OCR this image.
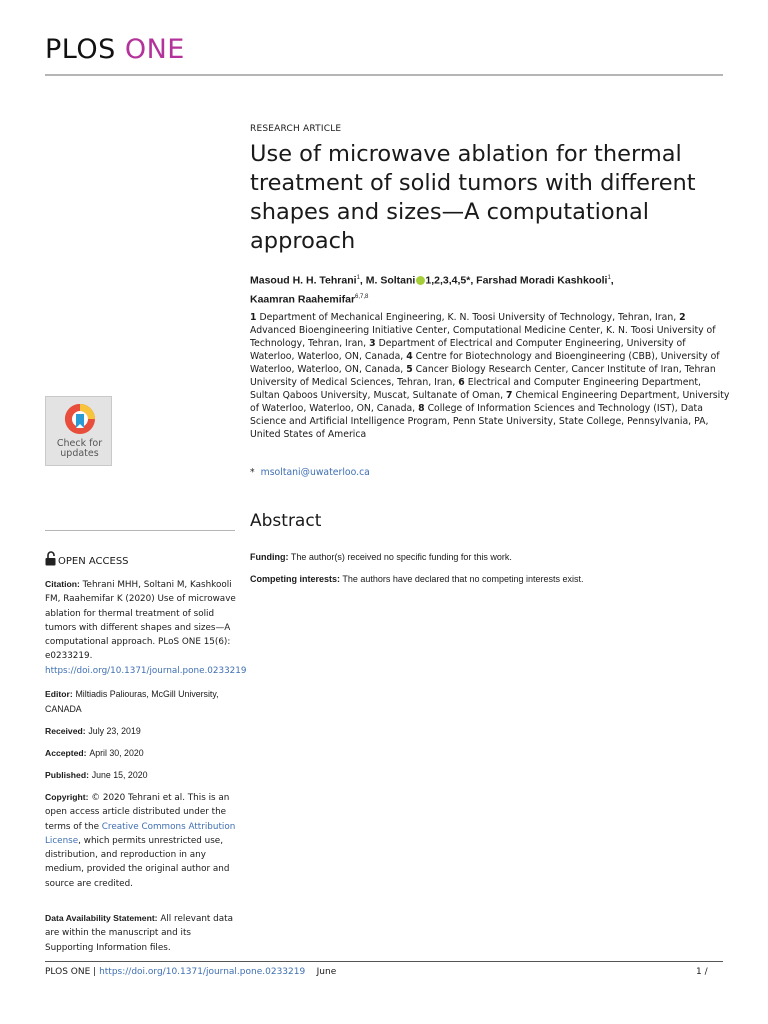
PLOS ONE
RESEARCH ARTICLE
Use of microwave ablation for thermal treatment of solid tumors with different shapes and sizes—A computational approach
Masoud H. H. Tehrani$^1$, M. Soltani 1,2,3,4,5*, Farshad Moradi Kashkooli$^1$,
Kaamran Raahemifar$^{6,7,8}$
1 Department of Mechanical Engineering, K. N. Toosi University of Technology, Tehran, Iran, 2 Advanced Bioengineering Initiative Center, Computational Medicine Center, K. N. Toosi University of Technology, Tehran, Iran, 3 Department of Electrical and Computer Engineering, University of Waterloo, Waterloo, ON, Canada, 4 Centre for Biotechnology and Bioengineering (CBB), University of Waterloo, Waterloo, ON, Canada, 5 Cancer Biology Research Center, Cancer Institute of Iran, Tehran University of Medical Sciences, Tehran, Iran, 6 Electrical and Computer Engineering Department, Sultan Qaboos University, Muscat, Sultanate of Oman, 7 Chemical Engineering Department, University of Waterloo, Waterloo, ON, Canada, 8 College of Information Sciences and Technology (IST), Data Science and Artificial Intelligence Program, Penn State University, State College, Pennsylvania, PA, United States of America
* msoltani@uwaterloo.ca
Abstract
Funding: The author(s) received no specific funding for this work.
Competing interests: The authors have declared that no competing interests exist.
Check for
updates
OPEN ACCESS
Citation: Tehrani MHH, Soltani M, Kashkooli FM, Raahemifar K (2020) Use of microwave ablation for thermal treatment of solid tumors with different shapes and sizes—A computational approach. PLoS ONE 15(6): e0233219. https://doi.org/10.1371/journal.pone.0233219
Editor: Miltiadis Paliouras, McGill University, CANADA
Received: July 23, 2019
Accepted: April 30, 2020
Published: June 15, 2020
Copyright: © 2020 Tehrani et al. This is an open access article distributed under the terms of the Creative Commons Attribution License, which permits unrestricted use, distribution, and reproduction in any medium, provided the original author and source are credited.
Data Availability Statement: All relevant data are within the manuscript and its Supporting Information files.
PLOS ONE | https://doi.org/10.1371/journal.pone.0233219 June	1 /
